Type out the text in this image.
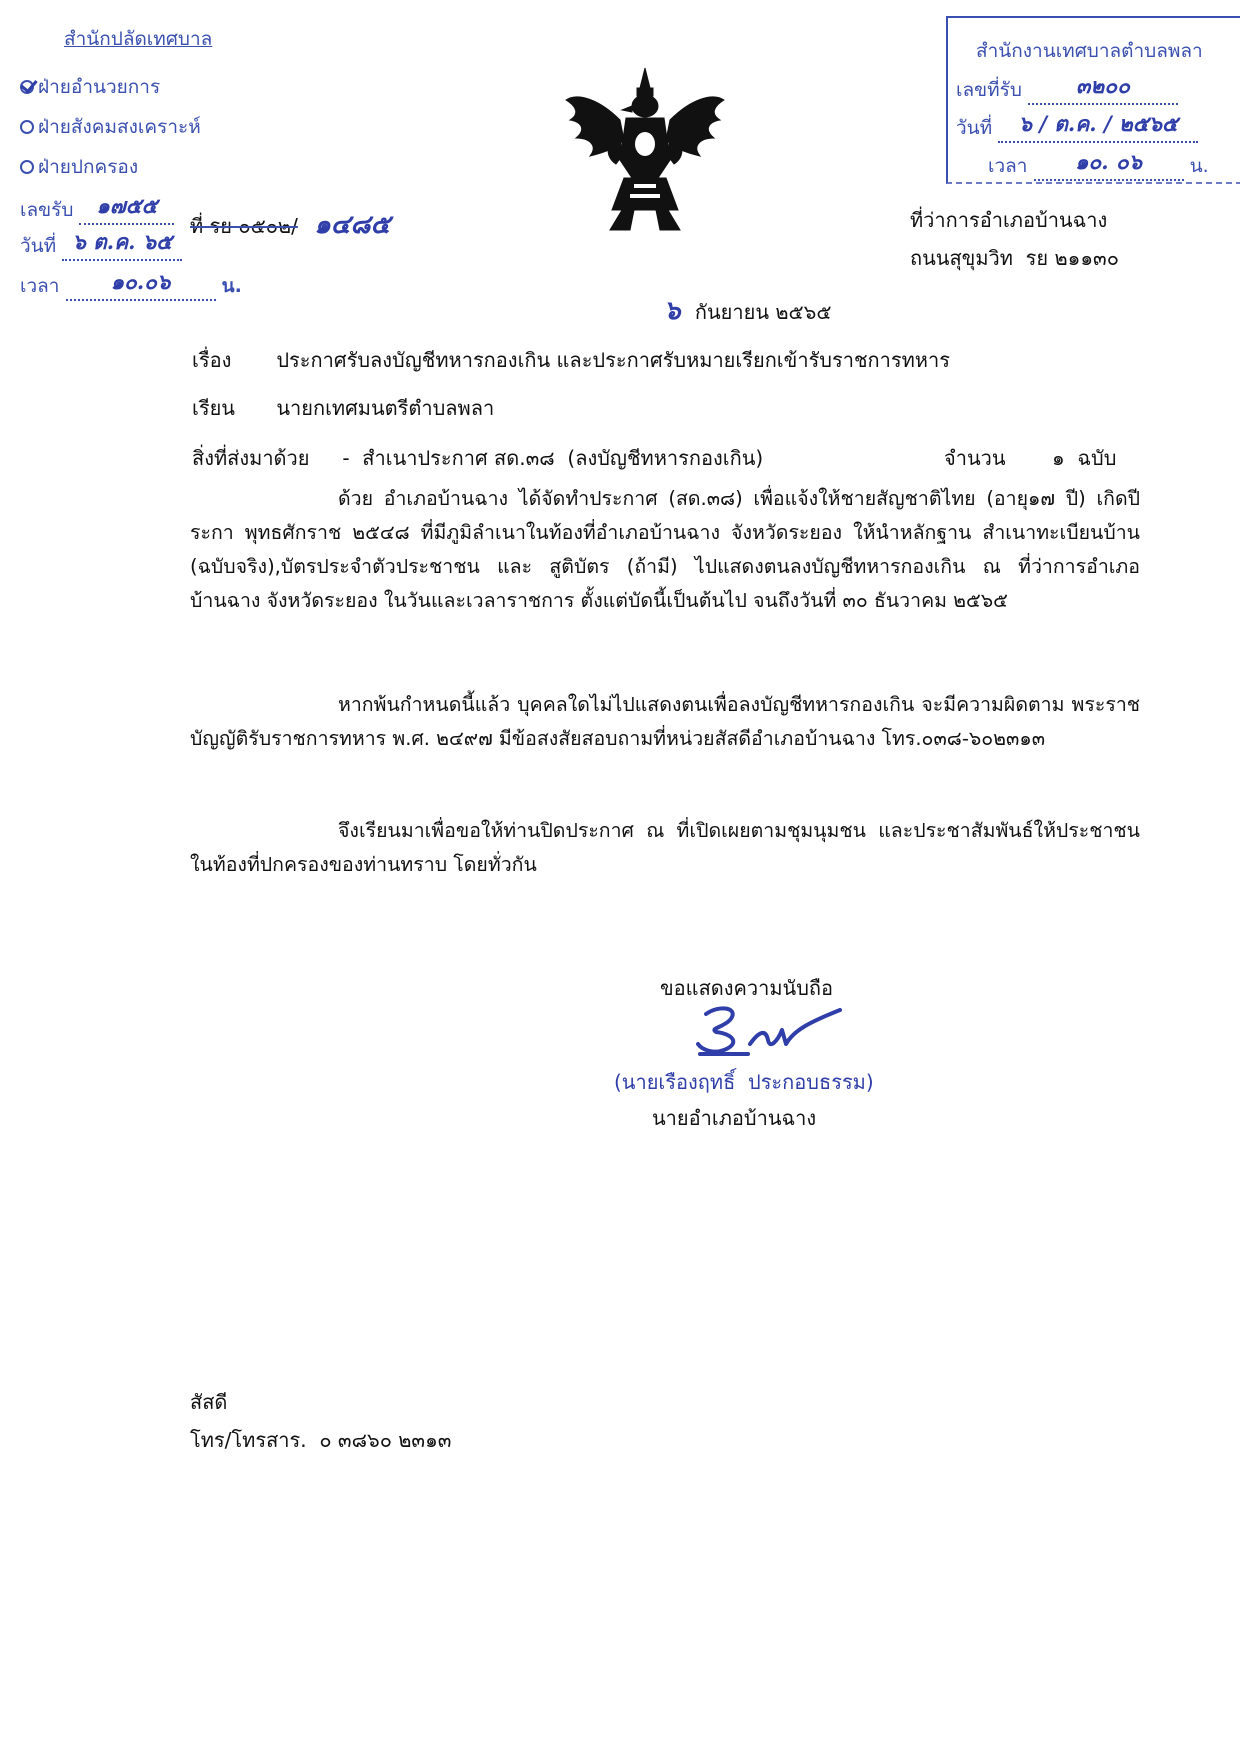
สำนักปลัดเทศบาล
ฝ่ายอำนวยการ
ฝ่ายสังคมสงเคราะห์
ฝ่ายปกครอง
เลขรับ ๑๗๕๕
วันที่ ๖ ต.ค. ๖๕
เวลา ๑๐.๐๖	น.
ที่ รย ๐๕๐๒/ ๑๔๘๕
สำนักงานเทศบาลตำบลพลา
เลขที่รับ	๓๒๐๐
วันที่ ๖ / ต.ค. / ๒๕๖๕
เวลา ๑๐. ๐๖	น.
ที่ว่าการอำเภอบ้านฉาง
ถนนสุขุมวิท  รย ๒๑๑๓๐
๖ กันยายน ๒๕๖๕
เรื่อง ประกาศรับลงบัญชีทหารกองเกิน และประกาศรับหมายเรียกเข้ารับราชการทหาร
เรียน นายกเทศมนตรีตำบลพลา
สิ่งที่ส่งมาด้วย -  สำเนาประกาศ สด.๓๘  (ลงบัญชีทหารกองเกิน)	จำนวน ๑  ฉบับ
ด้วย อำเภอบ้านฉาง ได้จัดทำประกาศ (สด.๓๘) เพื่อแจ้งให้ชายสัญชาติไทย (อายุ๑๗ ปี) เกิดปีระกา พุทธศักราช ๒๕๔๘ ที่มีภูมิลำเนาในท้องที่อำเภอบ้านฉาง จังหวัดระยอง ให้นำหลักฐาน สำเนาทะเบียนบ้าน (ฉบับจริง),บัตรประจำตัวประชาชน และ สูติบัตร (ถ้ามี) ไปแสดงตนลงบัญชีทหารกองเกิน ณ ที่ว่าการอำเภอบ้านฉาง จังหวัดระยอง ในวันและเวลาราชการ ตั้งแต่บัดนี้เป็นต้นไป จนถึงวันที่ ๓๐ ธันวาคม ๒๕๖๕
หากพ้นกำหนดนี้แล้ว บุคคลใดไม่ไปแสดงตนเพื่อลงบัญชีทหารกองเกิน จะมีความผิดตาม พระราชบัญญัติรับราชการทหาร พ.ศ. ๒๔๙๗ มีข้อสงสัยสอบถามที่หน่วยสัสดีอำเภอบ้านฉาง โทร.๐๓๘-๖๐๒๓๑๓
จึงเรียนมาเพื่อขอให้ท่านปิดประกาศ ณ ที่เปิดเผยตามชุมนุมชน และประชาสัมพันธ์ให้ประชาชนในท้องที่ปกครองของท่านทราบ โดยทั่วกัน
ขอแสดงความนับถือ
(นายเรืองฤทธิ์  ประกอบธรรม)
นายอำเภอบ้านฉาง
สัสดี
โทร/โทรสาร.  ๐ ๓๘๖๐ ๒๓๑๓
